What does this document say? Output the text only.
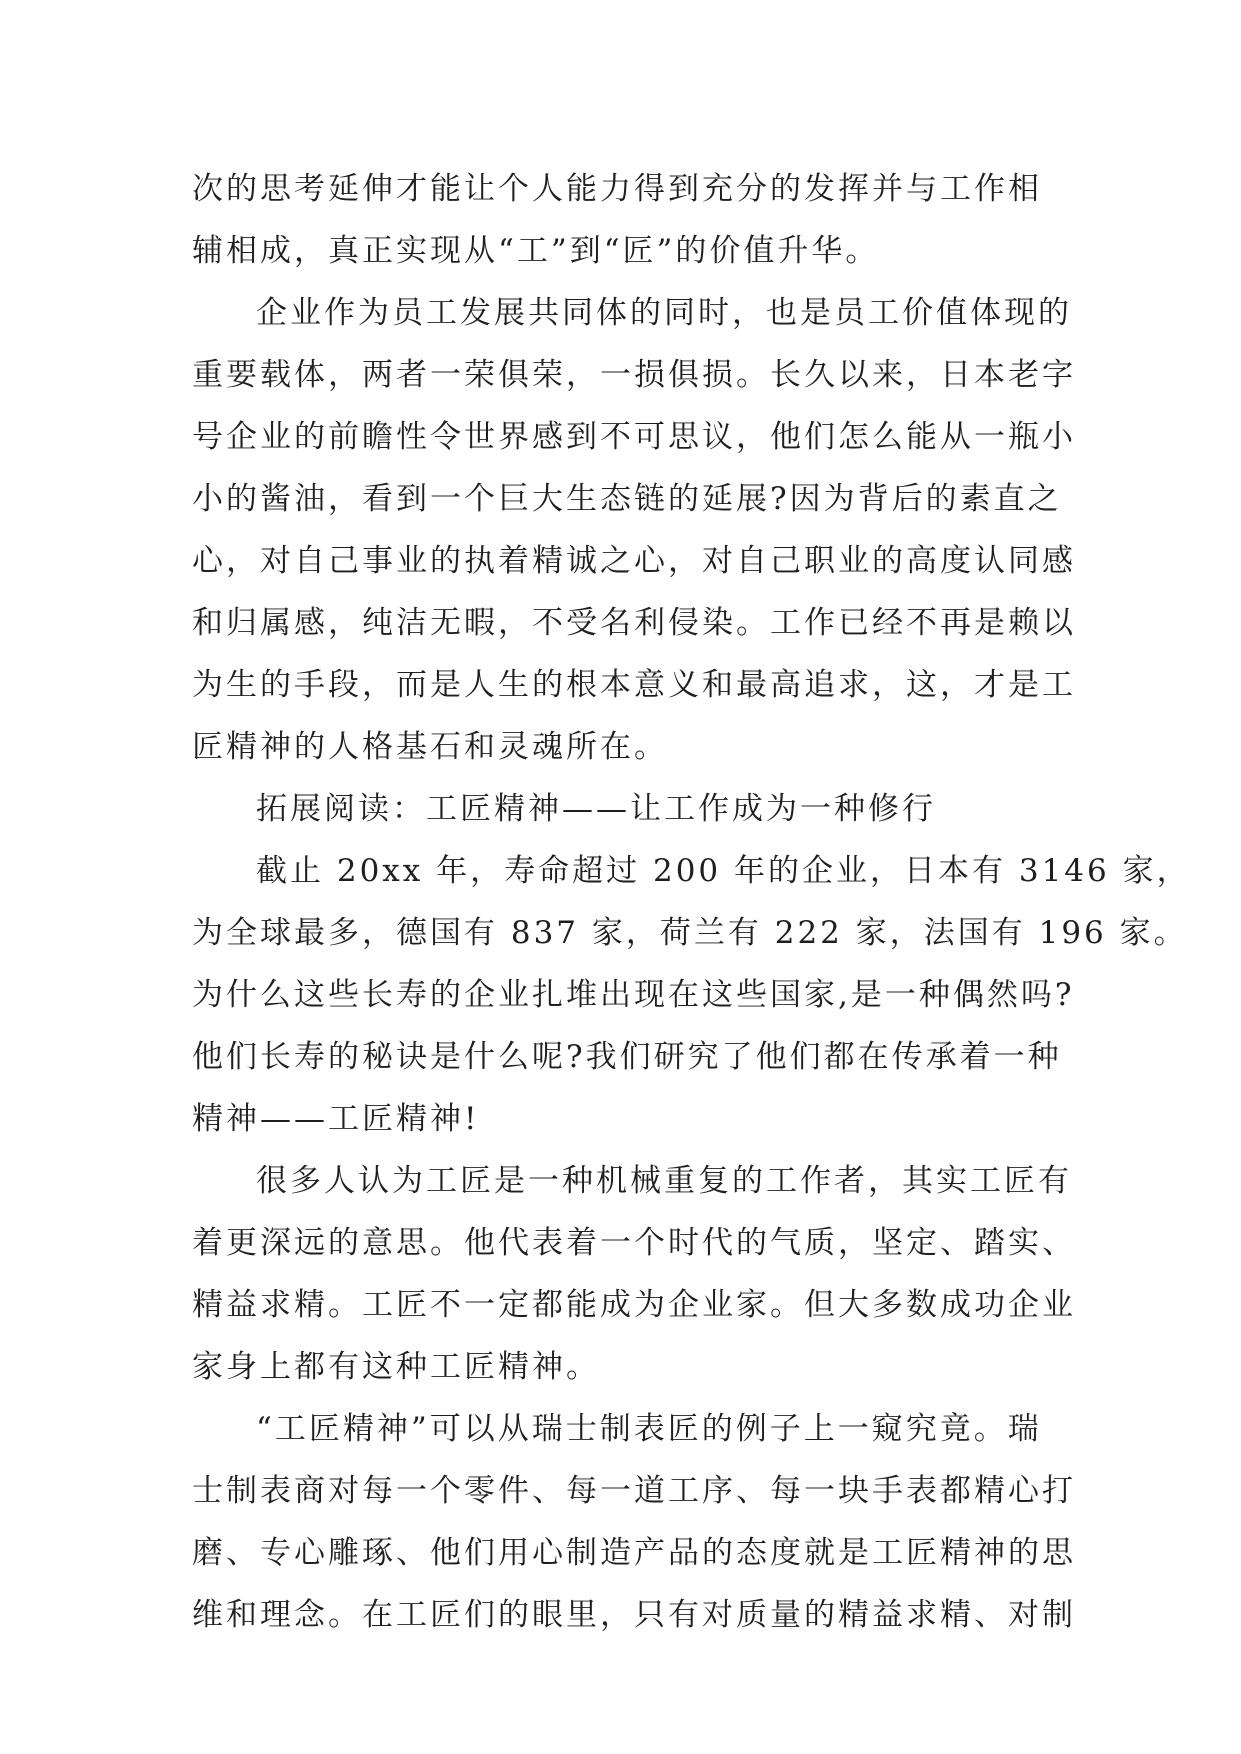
次的思考延伸才能让个人能力得到充分的发挥并与工作相
辅相成，真正实现从“工”到“匠”的价值升华。
企业作为员工发展共同体的同时，也是员工价值体现的
重要载体，两者一荣俱荣，一损俱损。长久以来，日本老字
号企业的前瞻性令世界感到不可思议，他们怎么能从一瓶小
小的酱油，看到一个巨大生态链的延展?因为背后的素直之
心，对自己事业的执着精诚之心，对自己职业的高度认同感
和归属感，纯洁无暇，不受名利侵染。工作已经不再是赖以
为生的手段，而是人生的根本意义和最高追求，这，才是工
匠精神的人格基石和灵魂所在。
拓展阅读：工匠精神——让工作成为一种修行
截止 20xx 年，寿命超过 200 年的企业，日本有 3146 家，
为全球最多，德国有 837 家，荷兰有 222 家，法国有 196 家。
为什么这些长寿的企业扎堆出现在这些国家,是一种偶然吗?
他们长寿的秘诀是什么呢?我们研究了他们都在传承着一种
精神——工匠精神!
很多人认为工匠是一种机械重复的工作者，其实工匠有
着更深远的意思。他代表着一个时代的气质，坚定、踏实、
精益求精。工匠不一定都能成为企业家。但大多数成功企业
家身上都有这种工匠精神。
“工匠精神”可以从瑞士制表匠的例子上一窥究竟。瑞
士制表商对每一个零件、每一道工序、每一块手表都精心打
磨、专心雕琢、他们用心制造产品的态度就是工匠精神的思
维和理念。在工匠们的眼里，只有对质量的精益求精、对制
